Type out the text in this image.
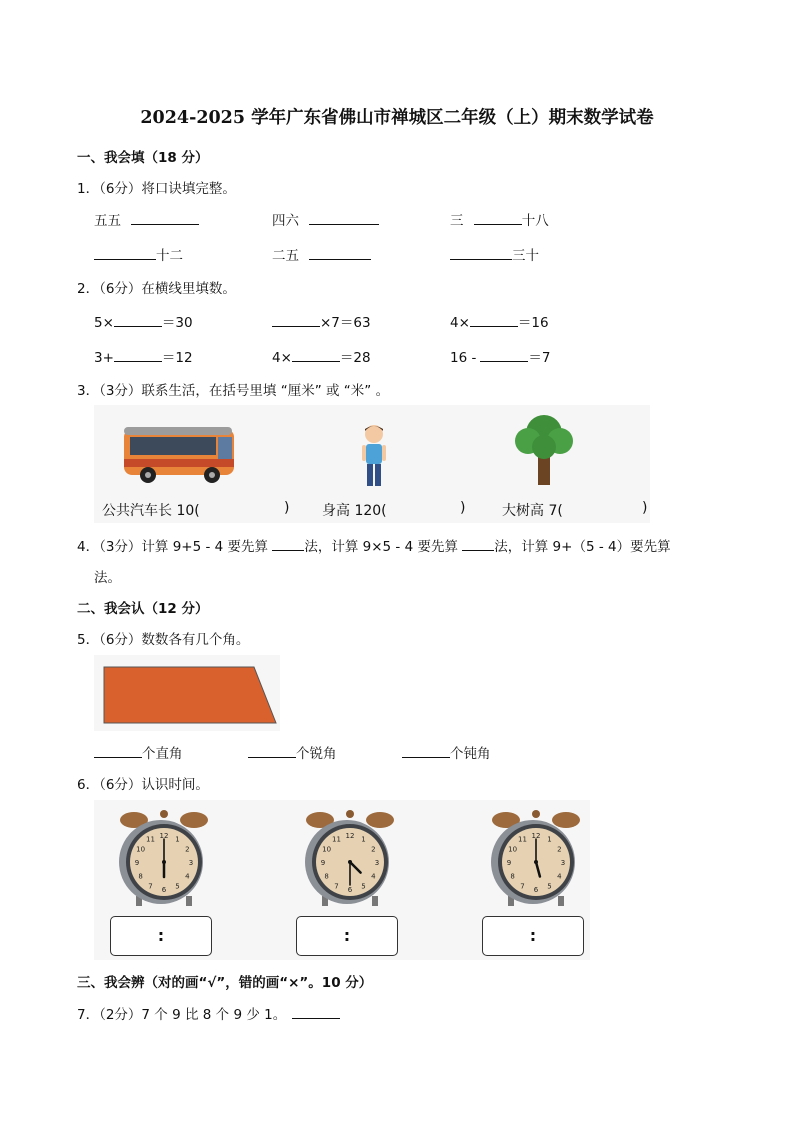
2024-2025 学年广东省佛山市禅城区二年级（上）期末数学试卷
一、我会填（18 分）
1．（6分）将口诀填完整。
五五	四六	三	十八
十二	二五	三十
2．（6分）在横线里填数。
5×	＝30	×7＝63	4×	＝16
3+	＝12	4×	＝28	16 -	＝7
3．（3分）联系生活，在括号里填 “厘米” 或 “米” 。
公共汽车长 10(	) 身高 120(	)	大树高 7(	)
4．（3分）计算 9+5 - 4 要先算 法，计算 9×5 - 4 要先算 法，计算 9+（5 - 4）要先算
法。
二、我会认（12 分）
5．（6分）数数各有几个角。
个直角	个锐角	个钝角
6．（6分）认识时间。
12 1
2
3
4
5
6
7
8
9
10
11	12 1
2
3
4
5
6
7
8
9
10
11	12 1
2
3
4
5
6
7
8
9
10
11
:	:	:
三、我会辨（对的画“√”，错的画“×”。10 分）
7．（2分）7 个 9 比 8 个 9 少 1。
